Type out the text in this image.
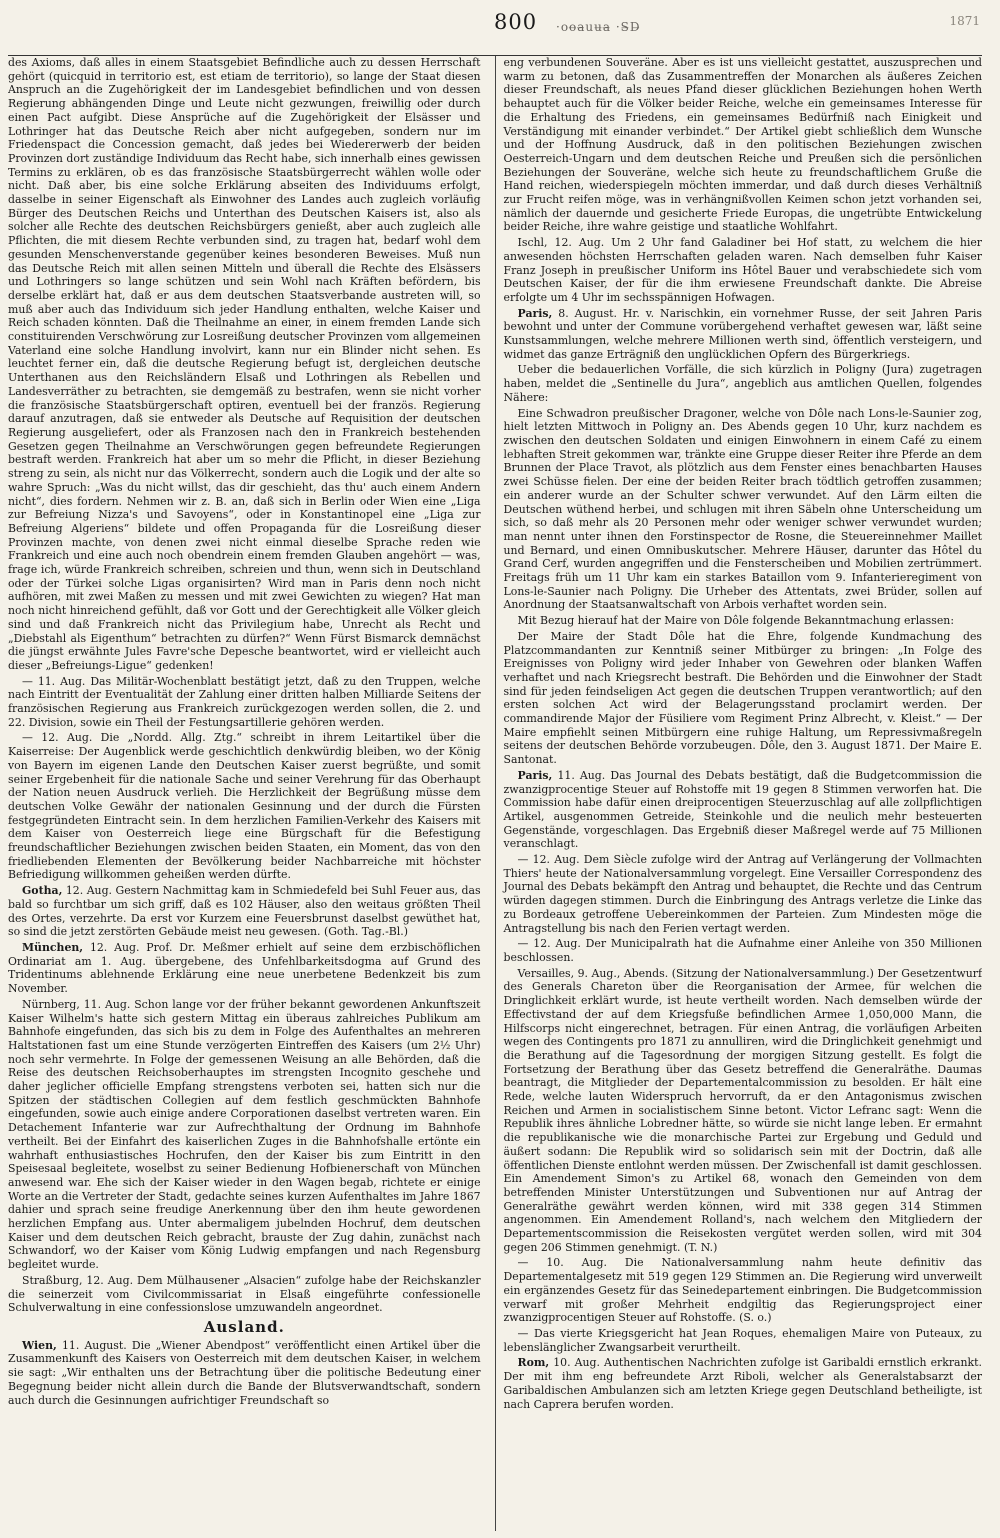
800 ·oo̶a̶uu̶a̶ ·S̶D̶	1871

des Axioms, daß alles in einem Staatsgebiet Befindliche auch zu dessen Herrschaft gehört (quicquid in territorio est, est etiam de territorio), so lange der Staat diesen Anspruch an die Zugehörigkeit der im Landesgebiet befindlichen und von dessen Regierung abhängenden Dinge und Leute nicht gezwungen, freiwillig oder durch einen Pact aufgibt. Diese Ansprüche auf die Zugehörigkeit der Elsässer und Lothringer hat das Deutsche Reich aber nicht aufgegeben, sondern nur im Friedenspact die Concession gemacht, daß jedes bei Wiedererwerb der beiden Provinzen dort zuständige Individuum das Recht habe, sich innerhalb eines gewissen Termins zu erklären, ob es das französische Staatsbürgerrecht wählen wolle oder nicht. Daß aber, bis eine solche Erklärung abseiten des Individuums erfolgt, dasselbe in seiner Eigenschaft als Einwohner des Landes auch zugleich vorläufig Bürger des Deutschen Reichs und Unterthan des Deutschen Kaisers ist, also als solcher alle Rechte des deutschen Reichsbürgers genießt, aber auch zugleich alle Pflichten, die mit diesem Rechte verbunden sind, zu tragen hat, bedarf wohl dem gesunden Menschenverstande gegenüber keines besonderen Beweises. Muß nun das Deutsche Reich mit allen seinen Mitteln und überall die Rechte des Elsässers und Lothringers so lange schützen und sein Wohl nach Kräften befördern, bis derselbe erklärt hat, daß er aus dem deutschen Staatsverbande austreten will, so muß aber auch das Individuum sich jeder Handlung enthalten, welche Kaiser und Reich schaden könnten. Daß die Theilnahme an einer, in einem fremden Lande sich constituirenden Verschwörung zur Losreißung deutscher Provinzen vom allgemeinen Vaterland eine solche Handlung involvirt, kann nur ein Blinder nicht sehen. Es leuchtet ferner ein, daß die deutsche Regierung befugt ist, dergleichen deutsche Unterthanen aus den Reichsländern Elsaß und Lothringen als Rebellen und Landesverräther zu betrachten, sie demgemäß zu bestrafen, wenn sie nicht vorher die französische Staatsbürgerschaft optiren, eventuell bei der französ. Regierung darauf anzutragen, daß sie entweder als Deutsche auf Requisition der deutschen Regierung ausgeliefert, oder als Franzosen nach den in Frankreich bestehenden Gesetzen gegen Theilnahme an Verschwörungen gegen befreundete Regierungen bestraft werden. Frankreich hat aber um so mehr die Pflicht, in dieser Beziehung streng zu sein, als nicht nur das Völkerrecht, sondern auch die Logik und der alte so wahre Spruch: „Was du nicht willst, das dir geschieht, das thu' auch einem Andern nicht“, dies fordern. Nehmen wir z. B. an, daß sich in Berlin oder Wien eine „Liga zur Befreiung Nizza's und Savoyens“, oder in Konstantinopel eine „Liga zur Befreiung Algeriens“ bildete und offen Propaganda für die Losreißung dieser Provinzen machte, von denen zwei nicht einmal dieselbe Sprache reden wie Frankreich und eine auch noch obendrein einem fremden Glauben angehört — was, frage ich, würde Frankreich schreiben, schreien und thun, wenn sich in Deutschland oder der Türkei solche Ligas organisirten? Wird man in Paris denn noch nicht aufhören, mit zwei Maßen zu messen und mit zwei Gewichten zu wiegen? Hat man noch nicht hinreichend gefühlt, daß vor Gott und der Gerechtigkeit alle Völker gleich sind und daß Frankreich nicht das Privilegium habe, Unrecht als Recht und „Diebstahl als Eigenthum“ betrachten zu dürfen?“ Wenn Fürst Bismarck demnächst die jüngst erwähnte Jules Favre'sche Depesche beantwortet, wird er vielleicht auch dieser „Befreiungs-Ligue“ gedenken!

— 11. Aug. Das Militär-Wochenblatt bestätigt jetzt, daß zu den Truppen, welche nach Eintritt der Eventualität der Zahlung einer dritten halben Milliarde Seitens der französischen Regierung aus Frankreich zurückgezogen werden sollen, die 2. und 22. Division, sowie ein Theil der Festungsartillerie gehören werden.

— 12. Aug. Die „Nordd. Allg. Ztg.“ schreibt in ihrem Leitartikel über die Kaiserreise: Der Augenblick werde geschichtlich denkwürdig bleiben, wo der König von Bayern im eigenen Lande den Deutschen Kaiser zuerst begrüßte, und somit seiner Ergebenheit für die nationale Sache und seiner Verehrung für das Oberhaupt der Nation neuen Ausdruck verlieh. Die Herzlichkeit der Begrüßung müsse dem deutschen Volke Gewähr der nationalen Gesinnung und der durch die Fürsten festgegründeten Eintracht sein. In dem herzlichen Familien-Verkehr des Kaisers mit dem Kaiser von Oesterreich liege eine Bürgschaft für die Befestigung freundschaftlicher Beziehungen zwischen beiden Staaten, ein Moment, das von den friedliebenden Elementen der Bevölkerung beider Nachbarreiche mit höchster Befriedigung willkommen geheißen werden dürfte.

Gotha, 12. Aug. Gestern Nachmittag kam in Schmiedefeld bei Suhl Feuer aus, das bald so furchtbar um sich griff, daß es 102 Häuser, also den weitaus größten Theil des Ortes, verzehrte. Da erst vor Kurzem eine Feuersbrunst daselbst gewüthet hat, so sind die jetzt zerstörten Gebäude meist neu gewesen. (Goth. Tag.-Bl.)

München, 12. Aug. Prof. Dr. Meßmer erhielt auf seine dem erzbischöflichen Ordinariat am 1. Aug. übergebene, des Unfehlbarkeitsdogma auf Grund des Tridentinums ablehnende Erklärung eine neue unerbetene Bedenkzeit bis zum November.

Nürnberg, 11. Aug. Schon lange vor der früher bekannt gewordenen Ankunftszeit Kaiser Wilhelm's hatte sich gestern Mittag ein überaus zahlreiches Publikum am Bahnhofe eingefunden, das sich bis zu dem in Folge des Aufenthaltes an mehreren Haltstationen fast um eine Stunde verzögerten Eintreffen des Kaisers (um 2½ Uhr) noch sehr vermehrte. In Folge der gemessenen Weisung an alle Behörden, daß die Reise des deutschen Reichsoberhauptes im strengsten Incognito geschehe und daher jeglicher officielle Empfang strengstens verboten sei, hatten sich nur die Spitzen der städtischen Collegien auf dem festlich geschmückten Bahnhofe eingefunden, sowie auch einige andere Corporationen daselbst vertreten waren. Ein Detachement Infanterie war zur Aufrechthaltung der Ordnung im Bahnhofe vertheilt. Bei der Einfahrt des kaiserlichen Zuges in die Bahnhofshalle ertönte ein wahrhaft enthusiastisches Hochrufen, den der Kaiser bis zum Eintritt in den Speisesaal begleitete, woselbst zu seiner Bedienung Hofbienerschaft von München anwesend war. Ehe sich der Kaiser wieder in den Wagen begab, richtete er einige Worte an die Vertreter der Stadt, gedachte seines kurzen Aufenthaltes im Jahre 1867 dahier und sprach seine freudige Anerkennung über den ihm heute gewordenen herzlichen Empfang aus. Unter abermaligem jubelnden Hochruf, dem deutschen Kaiser und dem deutschen Reich gebracht, brauste der Zug dahin, zunächst nach Schwandorf, wo der Kaiser vom König Ludwig empfangen und nach Regensburg begleitet wurde.

Straßburg, 12. Aug. Dem Mülhausener „Alsacien“ zufolge habe der Reichskanzler die seinerzeit vom Civilcommissariat in Elsaß eingeführte confessionelle Schulverwaltung in eine confessionslose umzuwandeln angeordnet.

Ausland.

Wien, 11. August. Die „Wiener Abendpost“ veröffentlicht einen Artikel über die Zusammenkunft des Kaisers von Oesterreich mit dem deutschen Kaiser, in welchem sie sagt: „Wir enthalten uns der Betrachtung über die politische Bedeutung einer Begegnung beider nicht allein durch die Bande der Blutsverwandtschaft, sondern auch durch die Gesinnungen aufrichtiger Freundschaft so

eng verbundenen Souveräne. Aber es ist uns vielleicht gestattet, auszusprechen und warm zu betonen, daß das Zusammentreffen der Monarchen als äußeres Zeichen dieser Freundschaft, als neues Pfand dieser glücklichen Beziehungen hohen Werth behauptet auch für die Völker beider Reiche, welche ein gemeinsames Interesse für die Erhaltung des Friedens, ein gemeinsames Bedürfniß nach Einigkeit und Verständigung mit einander verbindet.“ Der Artikel giebt schließlich dem Wunsche und der Hoffnung Ausdruck, daß in den politischen Beziehungen zwischen Oesterreich-Ungarn und dem deutschen Reiche und Preußen sich die persönlichen Beziehungen der Souveräne, welche sich heute zu freundschaftlichem Gruße die Hand reichen, wiederspiegeln möchten immerdar, und daß durch dieses Verhältniß zur Frucht reifen möge, was in verhängnißvollen Keimen schon jetzt vorhanden sei, nämlich der dauernde und gesicherte Friede Europas, die ungetrübte Entwickelung beider Reiche, ihre wahre geistige und staatliche Wohlfahrt.

Ischl, 12. Aug. Um 2 Uhr fand Galadiner bei Hof statt, zu welchem die hier anwesenden höchsten Herrschaften geladen waren. Nach demselben fuhr Kaiser Franz Joseph in preußischer Uniform ins Hôtel Bauer und verabschiedete sich vom Deutschen Kaiser, der für die ihm erwiesene Freundschaft dankte. Die Abreise erfolgte um 4 Uhr im sechsspännigen Hofwagen.

Paris, 8. August. Hr. v. Narischkin, ein vornehmer Russe, der seit Jahren Paris bewohnt und unter der Commune vorübergehend verhaftet gewesen war, läßt seine Kunstsammlungen, welche mehrere Millionen werth sind, öffentlich versteigern, und widmet das ganze Erträgniß den unglücklichen Opfern des Bürgerkriegs.

Ueber die bedauerlichen Vorfälle, die sich kürzlich in Poligny (Jura) zugetragen haben, meldet die „Sentinelle du Jura“, angeblich aus amtlichen Quellen, folgendes Nähere:

Eine Schwadron preußischer Dragoner, welche von Dôle nach Lons-le-Saunier zog, hielt letzten Mittwoch in Poligny an. Des Abends gegen 10 Uhr, kurz nachdem es zwischen den deutschen Soldaten und einigen Einwohnern in einem Café zu einem lebhaften Streit gekommen war, tränkte eine Gruppe dieser Reiter ihre Pferde an dem Brunnen der Place Travot, als plötzlich aus dem Fenster eines benachbarten Hauses zwei Schüsse fielen. Der eine der beiden Reiter brach tödtlich getroffen zusammen; ein anderer wurde an der Schulter schwer verwundet. Auf den Lärm eilten die Deutschen wüthend herbei, und schlugen mit ihren Säbeln ohne Unterscheidung um sich, so daß mehr als 20 Personen mehr oder weniger schwer verwundet wurden; man nennt unter ihnen den Forstinspector de Rosne, die Steuereinnehmer Maillet und Bernard, und einen Omnibuskutscher. Mehrere Häuser, darunter das Hôtel du Grand Cerf, wurden angegriffen und die Fensterscheiben und Mobilien zertrümmert. Freitags früh um 11 Uhr kam ein starkes Bataillon vom 9. Infanterieregiment von Lons-le-Saunier nach Poligny. Die Urheber des Attentats, zwei Brüder, sollen auf Anordnung der Staatsanwaltschaft von Arbois verhaftet worden sein.

Mit Bezug hierauf hat der Maire von Dôle folgende Bekanntmachung erlassen:

Der Maire der Stadt Dôle hat die Ehre, folgende Kundmachung des Platzcommandanten zur Kenntniß seiner Mitbürger zu bringen: „In Folge des Ereignisses von Poligny wird jeder Inhaber von Gewehren oder blanken Waffen verhaftet und nach Kriegsrecht bestraft. Die Behörden und die Einwohner der Stadt sind für jeden feindseligen Act gegen die deutschen Truppen verantwortlich; auf den ersten solchen Act wird der Belagerungsstand proclamirt werden. Der commandirende Major der Füsiliere vom Regiment Prinz Albrecht, v. Kleist.“ — Der Maire empfiehlt seinen Mitbürgern eine ruhige Haltung, um Repressivmaßregeln seitens der deutschen Behörde vorzubeugen. Dôle, den 3. August 1871. Der Maire E. Santonat.

Paris, 11. Aug. Das Journal des Debats bestätigt, daß die Budgetcommission die zwanzigprocentige Steuer auf Rohstoffe mit 19 gegen 8 Stimmen verworfen hat. Die Commission habe dafür einen dreiprocentigen Steuerzuschlag auf alle zollpflichtigen Artikel, ausgenommen Getreide, Steinkohle und die neulich mehr besteuerten Gegenstände, vorgeschlagen. Das Ergebniß dieser Maßregel werde auf 75 Millionen veranschlagt.

— 12. Aug. Dem Siècle zufolge wird der Antrag auf Verlängerung der Vollmachten Thiers' heute der Nationalversammlung vorgelegt. Eine Versailler Correspondenz des Journal des Debats bekämpft den Antrag und behauptet, die Rechte und das Centrum würden dagegen stimmen. Durch die Einbringung des Antrags verletze die Linke das zu Bordeaux getroffene Uebereinkommen der Parteien. Zum Mindesten möge die Antragstellung bis nach den Ferien vertagt werden.

— 12. Aug. Der Municipalrath hat die Aufnahme einer Anleihe von 350 Millionen beschlossen.

Versailles, 9. Aug., Abends. (Sitzung der Nationalversammlung.) Der Gesetzentwurf des Generals Chareton über die Reorganisation der Armee, für welchen die Dringlichkeit erklärt wurde, ist heute vertheilt worden. Nach demselben würde der Effectivstand der auf dem Kriegsfuße befindlichen Armee 1,050,000 Mann, die Hilfscorps nicht eingerechnet, betragen. Für einen Antrag, die vorläufigen Arbeiten wegen des Contingents pro 1871 zu annulliren, wird die Dringlichkeit genehmigt und die Berathung auf die Tagesordnung der morgigen Sitzung gestellt. Es folgt die Fortsetzung der Berathung über das Gesetz betreffend die Generalräthe. Daumas beantragt, die Mitglieder der Departementalcommission zu besolden. Er hält eine Rede, welche lauten Widerspruch hervorruft, da er den Antagonismus zwischen Reichen und Armen in socialistischem Sinne betont. Victor Lefranc sagt: Wenn die Republik ihres ähnliche Lobredner hätte, so würde sie nicht lange leben. Er ermahnt die republikanische wie die monarchische Partei zur Ergebung und Geduld und äußert sodann: Die Republik wird so solidarisch sein mit der Doctrin, daß alle öffentlichen Dienste entlohnt werden müssen. Der Zwischenfall ist damit geschlossen. Ein Amendement Simon's zu Artikel 68, wonach den Gemeinden von dem betreffenden Minister Unterstützungen und Subventionen nur auf Antrag der Generalräthe gewährt werden können, wird mit 338 gegen 314 Stimmen angenommen. Ein Amendement Rolland's, nach welchem den Mitgliedern der Departementscommission die Reisekosten vergütet werden sollen, wird mit 304 gegen 206 Stimmen genehmigt. (T. N.)

— 10. Aug. Die Nationalversammlung nahm heute definitiv das Departementalgesetz mit 519 gegen 129 Stimmen an. Die Regierung wird unverweilt ein ergänzendes Gesetz für das Seinedepartement einbringen. Die Budgetcommission verwarf mit großer Mehrheit endgiltig das Regierungsproject einer zwanzigprocentigen Steuer auf Rohstoffe. (S. o.)

— Das vierte Kriegsgericht hat Jean Roques, ehemaligen Maire von Puteaux, zu lebenslänglicher Zwangsarbeit verurtheilt.

Rom, 10. Aug. Authentischen Nachrichten zufolge ist Garibaldi ernstlich erkrankt. Der mit ihm eng befreundete Arzt Riboli, welcher als Generalstabsarzt der Garibaldischen Ambulanzen sich am letzten Kriege gegen Deutschland betheiligte, ist nach Caprera berufen worden.
